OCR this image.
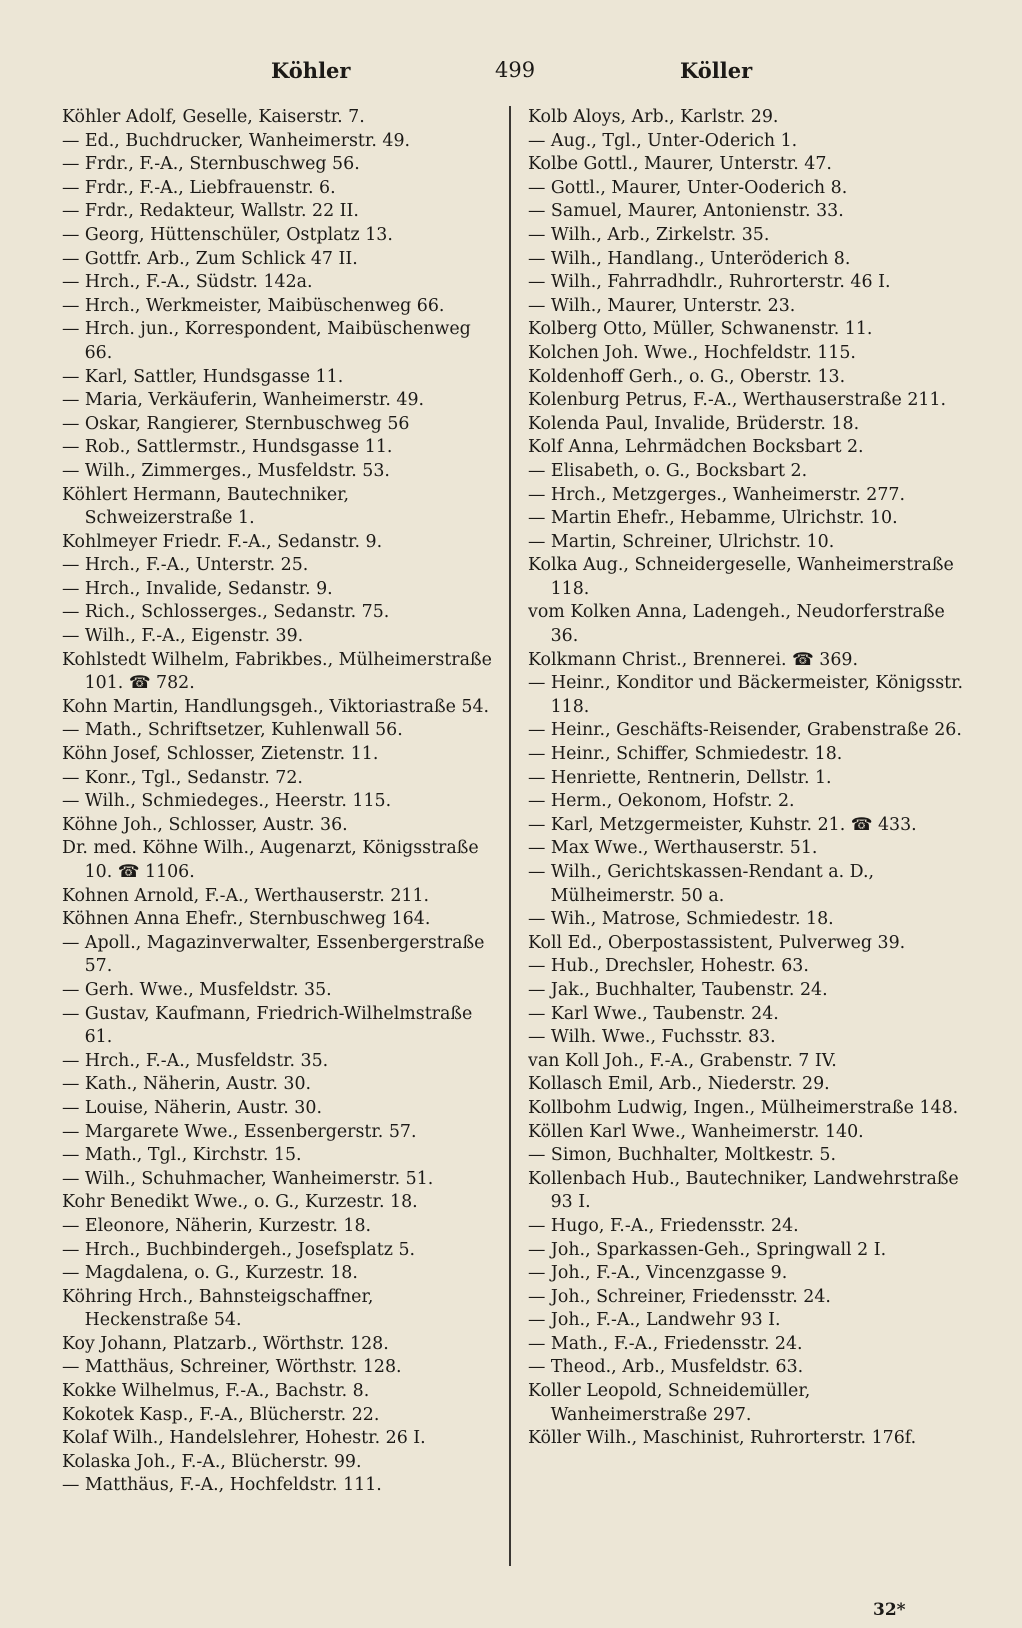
Köhler	499	Köller

Köhler Adolf, Geselle, Kaiserstr. 7.

— Ed., Buchdrucker, Wanheimerstr. 49.

— Frdr., F.-A., Sternbuschweg 56.

— Frdr., F.-A., Liebfrauenstr. 6.

— Frdr., Redakteur, Wallstr. 22 II.

— Georg, Hüttenschüler, Ostplatz 13.

— Gottfr. Arb., Zum Schlick 47 II.

— Hrch., F.-A., Südstr. 142a.

— Hrch., Werkmeister, Maibüschenweg 66.

— Hrch. jun., Korrespondent, Maibüschenweg 66.

— Karl, Sattler, Hundsgasse 11.

— Maria, Verkäuferin, Wanheimerstr. 49.

— Oskar, Rangierer, Sternbuschweg 56

— Rob., Sattlermstr., Hundsgasse 11.

— Wilh., Zimmerges., Musfeldstr. 53.

Köhlert Hermann, Bautechniker, Schweizerstraße 1.

Kohlmeyer Friedr. F.-A., Sedanstr. 9.

— Hrch., F.-A., Unterstr. 25.

— Hrch., Invalide, Sedanstr. 9.

— Rich., Schlosserges., Sedanstr. 75.

— Wilh., F.-A., Eigenstr. 39.

Kohlstedt Wilhelm, Fabrikbes., Mülheimerstraße 101. ☎ 782.

Kohn Martin, Handlungsgeh., Viktoriastraße 54.

— Math., Schriftsetzer, Kuhlenwall 56.

Köhn Josef, Schlosser, Zietenstr. 11.

— Konr., Tgl., Sedanstr. 72.

— Wilh., Schmiedeges., Heerstr. 115.

Köhne Joh., Schlosser, Austr. 36.

Dr. med. Köhne Wilh., Augenarzt, Königsstraße 10. ☎ 1106.

Kohnen Arnold, F.-A., Werthauserstr. 211.

Köhnen Anna Ehefr., Sternbuschweg 164.

— Apoll., Magazinverwalter, Essenbergerstraße 57.

— Gerh. Wwe., Musfeldstr. 35.

— Gustav, Kaufmann, Friedrich-Wilhelmstraße 61.

— Hrch., F.-A., Musfeldstr. 35.

— Kath., Näherin, Austr. 30.

— Louise, Näherin, Austr. 30.

— Margarete Wwe., Essenbergerstr. 57.

— Math., Tgl., Kirchstr. 15.

— Wilh., Schuhmacher, Wanheimerstr. 51.

Kohr Benedikt Wwe., o. G., Kurzestr. 18.

— Eleonore, Näherin, Kurzestr. 18.

— Hrch., Buchbindergeh., Josefsplatz 5.

— Magdalena, o. G., Kurzestr. 18.

Köhring Hrch., Bahnsteigschaffner, Heckenstraße 54.

Koy Johann, Platzarb., Wörthstr. 128.

— Matthäus, Schreiner, Wörthstr. 128.

Kokke Wilhelmus, F.-A., Bachstr. 8.

Kokotek Kasp., F.-A., Blücherstr. 22.

Kolaf Wilh., Handelslehrer, Hohestr. 26 I.

Kolaska Joh., F.-A., Blücherstr. 99.

— Matthäus, F.-A., Hochfeldstr. 111.

Kolb Aloys, Arb., Karlstr. 29.

— Aug., Tgl., Unter-Oderich 1.

Kolbe Gottl., Maurer, Unterstr. 47.

— Gottl., Maurer, Unter-Ooderich 8.

— Samuel, Maurer, Antonienstr. 33.

— Wilh., Arb., Zirkelstr. 35.

— Wilh., Handlang., Unteröderich 8.

— Wilh., Fahrradhdlr., Ruhrorterstr. 46 I.

— Wilh., Maurer, Unterstr. 23.

Kolberg Otto, Müller, Schwanenstr. 11.

Kolchen Joh. Wwe., Hochfeldstr. 115.

Koldenhoff Gerh., o. G., Oberstr. 13.

Kolenburg Petrus, F.-A., Werthauserstraße 211.

Kolenda Paul, Invalide, Brüderstr. 18.

Kolf Anna, Lehrmädchen Bocksbart 2.

— Elisabeth, o. G., Bocksbart 2.

— Hrch., Metzgerges., Wanheimerstr. 277.

— Martin Ehefr., Hebamme, Ulrichstr. 10.

— Martin, Schreiner, Ulrichstr. 10.

Kolka Aug., Schneidergeselle, Wanheimerstraße 118.

vom Kolken Anna, Ladengeh., Neudorferstraße 36.

Kolkmann Christ., Brennerei. ☎ 369.

— Heinr., Konditor und Bäckermeister, Königsstr. 118.

— Heinr., Geschäfts-Reisender, Grabenstraße 26.

— Heinr., Schiffer, Schmiedestr. 18.

— Henriette, Rentnerin, Dellstr. 1.

— Herm., Oekonom, Hofstr. 2.

— Karl, Metzgermeister, Kuhstr. 21. ☎ 433.

— Max Wwe., Werthauserstr. 51.

— Wilh., Gerichtskassen-Rendant a. D., Mülheimerstr. 50 a.

— Wih., Matrose, Schmiedestr. 18.

Koll Ed., Oberpostassistent, Pulverweg 39.

— Hub., Drechsler, Hohestr. 63.

— Jak., Buchhalter, Taubenstr. 24.

— Karl Wwe., Taubenstr. 24.

— Wilh. Wwe., Fuchsstr. 83.

van Koll Joh., F.-A., Grabenstr. 7 IV.

Kollasch Emil, Arb., Niederstr. 29.

Kollbohm Ludwig, Ingen., Mülheimerstraße 148.

Köllen Karl Wwe., Wanheimerstr. 140.

— Simon, Buchhalter, Moltkestr. 5.

Kollenbach Hub., Bautechniker, Landwehrstraße 93 I.

— Hugo, F.-A., Friedensstr. 24.

— Joh., Sparkassen-Geh., Springwall 2 I.

— Joh., F.-A., Vincenzgasse 9.

— Joh., Schreiner, Friedensstr. 24.

— Joh., F.-A., Landwehr 93 I.

— Math., F.-A., Friedensstr. 24.

— Theod., Arb., Musfeldstr. 63.

Koller Leopold, Schneidemüller, Wanheimerstraße 297.

Köller Wilh., Maschinist, Ruhrorterstr. 176f.

32*
